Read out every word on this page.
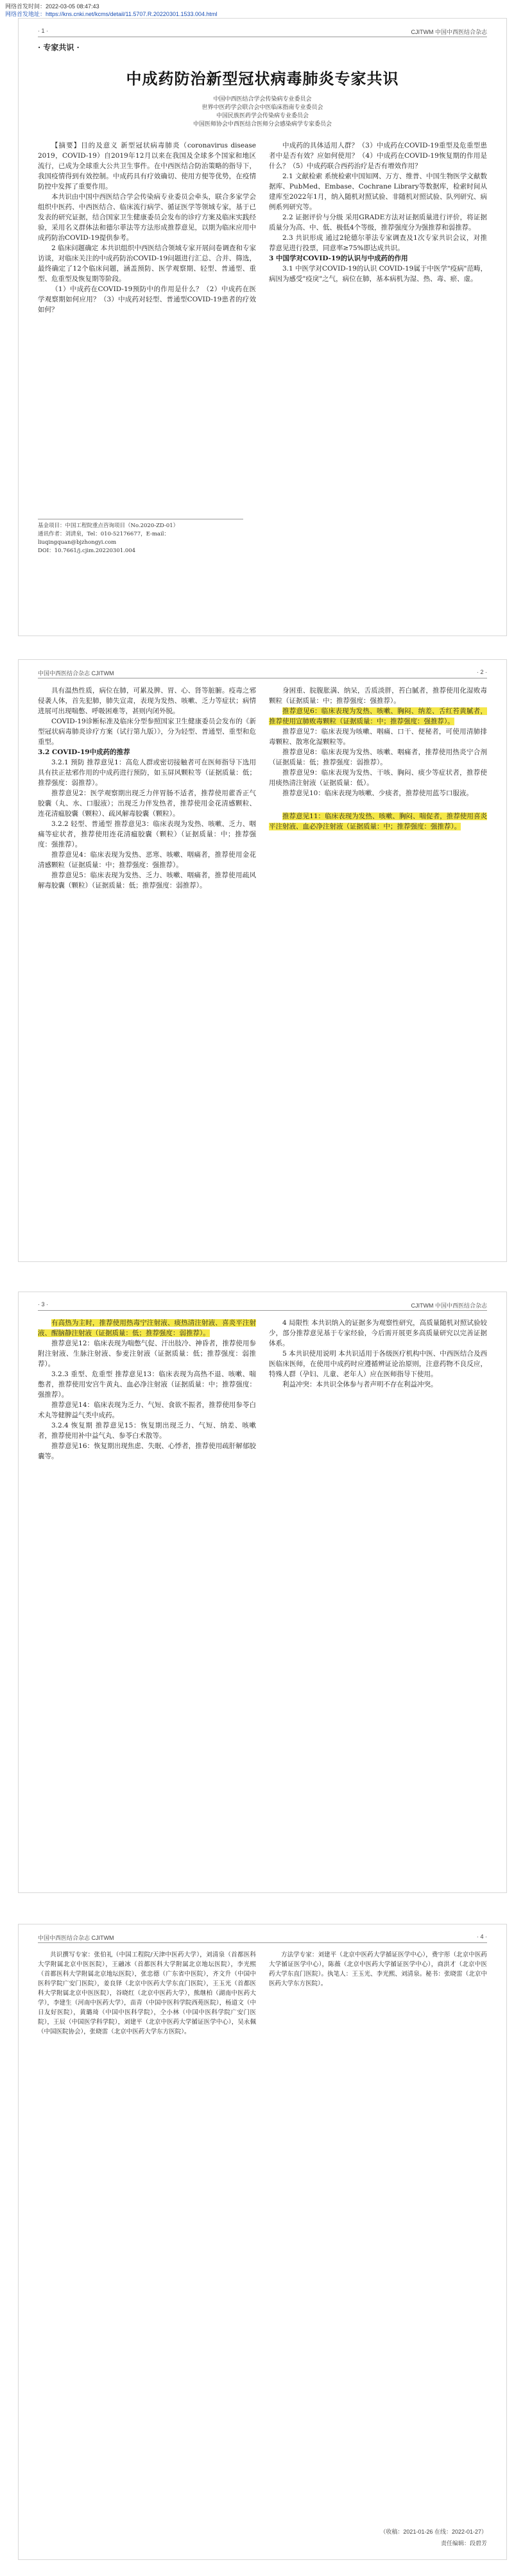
网络首发时间：2022-03-05 08:47:43
网络首发地址：https://kns.cnki.net/kcms/detail/11.5707.R.20220301.1533.004.html
· 1 ·	CJITWM 中国中西医结合杂志
· 专家共识 ·
中成药防治新型冠状病毒肺炎专家共识
中国中西医结合学会传染病专业委员会
世界中医药学会联合会中医临床指南专业委员会
中国民族医药学会传染病专业委员会
中国医师协会中西医结合医师分会感染病学专家委员会

【摘要】目的及意义 新型冠状病毒肺炎（coronavirus disease 2019，COVID-19）自2019年12月以来在我国及全球多个国家和地区流行，已成为全球重大公共卫生事件。在中西医结合防治策略的指导下，我国疫情得到有效控制。中成药具有疗效确切、使用方便等优势，在疫情防控中发挥了重要作用。

本共识由中国中西医结合学会传染病专业委员会牵头，联合多家学会组织中医药、中西医结合、临床流行病学、循证医学等领域专家，基于已发表的研究证据，结合国家卫生健康委员会发布的诊疗方案及临床实践经验，采用名义群体法和德尔菲法等方法形成推荐意见，以期为临床应用中成药防治COVID-19提供参考。

2 临床问题确定 本共识组织中西医结合领域专家开展问卷调查和专家访谈，对临床关注的中成药防治COVID-19问题进行汇总、合并、筛选，最终确定了12个临床问题，涵盖预防、医学观察期、轻型、普通型、重型、危重型及恢复期等阶段。

（1）中成药在COVID-19预防中的作用是什么？（2）中成药在医学观察期如何应用？（3）中成药对轻型、普通型COVID-19患者的疗效如何？

中成药的具体适用人群？（3）中成药在COVID-19重型及危重型患者中是否有效？应如何使用？（4）中成药在COVID-19恢复期的作用是什么？（5）中成药联合西药治疗是否有增效作用？

2.1 文献检索 系统检索中国知网、万方、维普、中国生物医学文献数据库、PubMed、Embase、Cochrane Library等数据库，检索时间从建库至2022年1月，纳入随机对照试验、非随机对照试验、队列研究、病例系列研究等。

2.2 证据评价与分级 采用GRADE方法对证据质量进行评价，将证据质量分为高、中、低、极低4个等级，推荐强度分为强推荐和弱推荐。

2.3 共识形成 通过2轮德尔菲法专家调查及1次专家共识会议，对推荐意见进行投票，同意率≥75%即达成共识。

3 中国学对COVID-19的认识与中成药的作用

3.1 中医学对COVID-19的认识 COVID-19属于中医学"疫病"范畴，病因为感受"疫戾"之气，病位在肺，基本病机为湿、热、毒、瘀、虚。

基金项目：中国工程院重点咨询项目（No.2020-ZD-01）
通讯作者：刘清泉，Tel：010-52176677，E-mail：liuqingquan@bjzhongyi.com
DOI：10.7661/j.cjim.20220301.004
中国中西医结合杂志 CJITWM	· 2 ·

具有温热性质，病位在肺，可累及脾、胃、心、肾等脏腑。疫毒之邪侵袭人体，首先犯肺，肺失宣肃，表现为发热、咳嗽、乏力等症状；病情进展可出现喘憋、呼吸困难等，甚则内闭外脱。

COVID-19诊断标准及临床分型参照国家卫生健康委员会发布的《新型冠状病毒肺炎诊疗方案（试行第九版）》，分为轻型、普通型、重型和危重型。

3.2 COVID-19中成药的推荐

3.2.1 预防 推荐意见1：高危人群或密切接触者可在医师指导下选用具有扶正祛邪作用的中成药进行预防，如玉屏风颗粒等（证据质量：低；推荐强度：弱推荐）。

推荐意见2：医学观察期出现乏力伴胃肠不适者，推荐使用藿香正气胶囊（丸、水、口服液）；出现乏力伴发热者，推荐使用金花清感颗粒、连花清瘟胶囊（颗粒）、疏风解毒胶囊（颗粒）。

3.2.2 轻型、普通型 推荐意见3：临床表现为发热、咳嗽、乏力、咽痛等症状者，推荐使用连花清瘟胶囊（颗粒）（证据质量：中；推荐强度：强推荐）。

推荐意见4：临床表现为发热、恶寒、咳嗽、咽痛者，推荐使用金花清感颗粒（证据质量：中；推荐强度：强推荐）。

推荐意见5：临床表现为发热、乏力、咳嗽、咽痛者，推荐使用疏风解毒胶囊（颗粒）（证据质量：低；推荐强度：弱推荐）。

身困重、脘腹胀满、纳呆，舌质淡胖，苔白腻者，推荐使用化湿败毒颗粒（证据质量：中；推荐强度：强推荐）。

推荐意见6：临床表现为发热、咳嗽、胸闷、纳差、舌红苔黄腻者，推荐使用宣肺败毒颗粒（证据质量：中；推荐强度：强推荐）。

推荐意见7：临床表现为咳嗽、咽痛、口干、便秘者，可使用清肺排毒颗粒、散寒化湿颗粒等。

推荐意见8：临床表现为发热、咳嗽、咽痛者，推荐使用热炎宁合剂（证据质量：低；推荐强度：弱推荐）。

推荐意见9：临床表现为发热、干咳、胸闷、痰少等症状者，推荐使用痰热清注射液（证据质量：低）。

推荐意见10：临床表现为咳嗽、少痰者，推荐使用蓝芩口服液。

推荐意见11：临床表现为发热、咳嗽、胸闷、喘促者，推荐使用喜炎平注射液、血必净注射液（证据质量：中；推荐强度：强推荐）。

· 3 ·	CJITWM 中国中西医结合杂志

有高热为主时，推荐使用热毒宁注射液、痰热清注射液、喜炎平注射液、醒脑静注射液（证据质量：低；推荐强度：弱推荐）。

推荐意见12：临床表现为喘憋气促、汗出肢冷、神昏者，推荐使用参附注射液、生脉注射液、参麦注射液（证据质量：低；推荐强度：弱推荐）。

3.2.3 重型、危重型 推荐意见13：临床表现为高热不退、咳嗽、喘憋者，推荐使用安宫牛黄丸、血必净注射液（证据质量：中；推荐强度：强推荐）。

推荐意见14：临床表现为乏力、气短、食欲不振者，推荐使用参苓白术丸等健脾益气类中成药。

3.2.4 恢复期 推荐意见15：恢复期出现乏力、气短、纳差、咳嗽者，推荐使用补中益气丸、参苓白术散等。

推荐意见16：恢复期出现焦虑、失眠、心悸者，推荐使用疏肝解郁胶囊等。

4 局限性 本共识纳入的证据多为观察性研究，高质量随机对照试验较少，部分推荐意见基于专家经验，今后需开展更多高质量研究以完善证据体系。

5 本共识使用说明 本共识适用于各级医疗机构中医、中西医结合及西医临床医师，在使用中成药时应遵循辨证论治原则，注意药物不良反应，特殊人群（孕妇、儿童、老年人）应在医师指导下使用。

利益冲突：本共识全体参与者声明不存在利益冲突。

中国中西医结合杂志 CJITWM	· 4 ·

共识撰写专家：张伯礼（中国工程院/天津中医药大学），刘清泉（首都医科大学附属北京中医医院），王融冰（首都医科大学附属北京地坛医院），李光熙（首都医科大学附属北京地坛医院），张忠德（广东省中医院），齐文升（中国中医科学院广安门医院），姜良铎（北京中医药大学东直门医院），王玉光（首都医科大学附属北京中医医院），谷晓红（北京中医药大学），熊继柏（湖南中医药大学），李建生（河南中医药大学），苗青（中国中医科学院西苑医院），杨道文（中日友好医院），黄璐琦（中国中医科学院），仝小林（中国中医科学院广安门医院），王辰（中国医学科学院），刘建平（北京中医药大学循证医学中心），吴永佩（中国医院协会），张晓雷（北京中医药大学东方医院）。

方法学专家：刘建平（北京中医药大学循证医学中心），费宇彤（北京中医药大学循证医学中心），陈薇（北京中医药大学循证医学中心），商洪才（北京中医药大学东直门医院）。执笔人：王玉光、李光熙、刘清泉。秘书：张晓雷（北京中医药大学东方医院）。

（收稿：2021-01-26 在线：2022-01-27）
责任编辑：段碧芳
